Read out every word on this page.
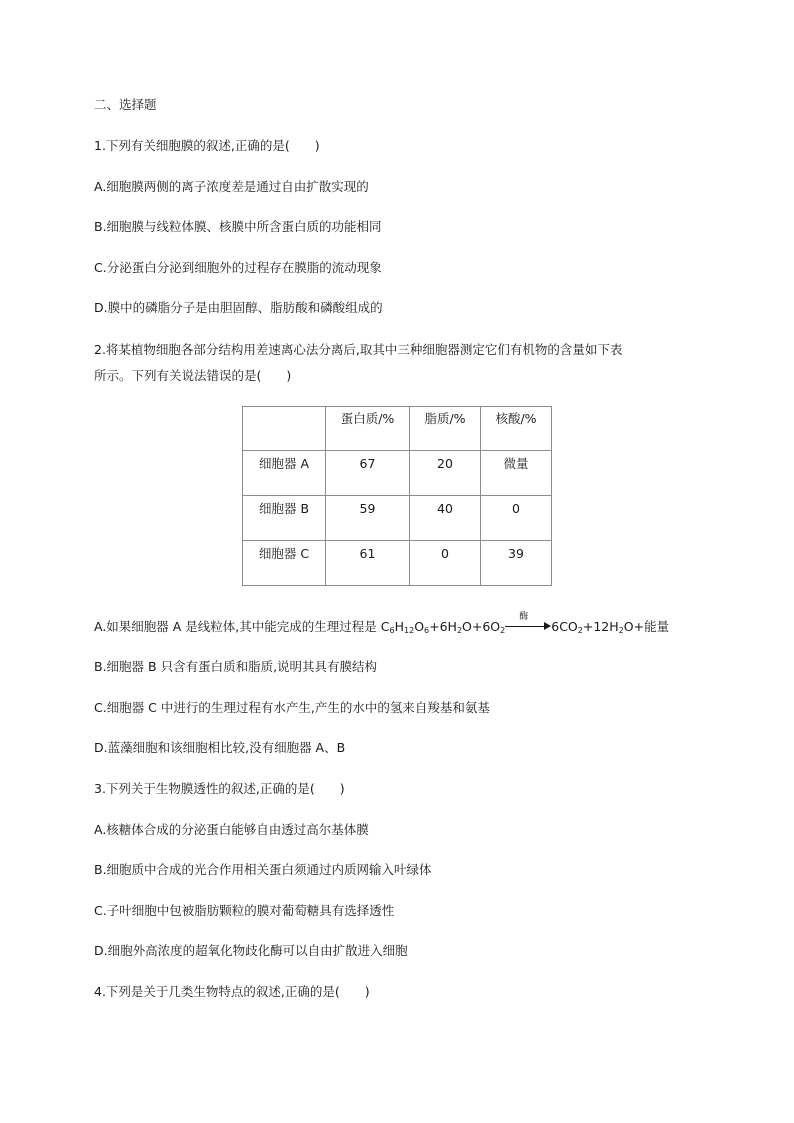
二、选择题
1.下列有关细胞膜的叙述,正确的是(　　)
A.细胞膜两侧的离子浓度差是通过自由扩散实现的
B.细胞膜与线粒体膜、核膜中所含蛋白质的功能相同
C.分泌蛋白分泌到细胞外的过程存在膜脂的流动现象
D.膜中的磷脂分子是由胆固醇、脂肪酸和磷酸组成的
2.将某植物细胞各部分结构用差速离心法分离后,取其中三种细胞器测定它们有机物的含量如下表
所示。下列有关说法错误的是(　　)
	蛋白质/%	脂质/%	核酸/%
细胞器 A	67	20	微量
细胞器 B	59	40	0
细胞器 C	61	0	39
A.如果细胞器 A 是线粒体,其中能完成的生理过程是 $C_6H_{12}O_6+6H_2O+6O_2$
酶
$6CO_2+12H_2O+$能量
B.细胞器 B 只含有蛋白质和脂质,说明其具有膜结构
C.细胞器 C 中进行的生理过程有水产生,产生的水中的氢来自羧基和氨基
D.蓝藻细胞和该细胞相比较,没有细胞器 A、B
3.下列关于生物膜透性的叙述,正确的是(　　)
A.核糖体合成的分泌蛋白能够自由透过高尔基体膜
B.细胞质中合成的光合作用相关蛋白须通过内质网输入叶绿体
C.子叶细胞中包被脂肪颗粒的膜对葡萄糖具有选择透性
D.细胞外高浓度的超氧化物歧化酶可以自由扩散进入细胞
4.下列是关于几类生物特点的叙述,正确的是(　　)
